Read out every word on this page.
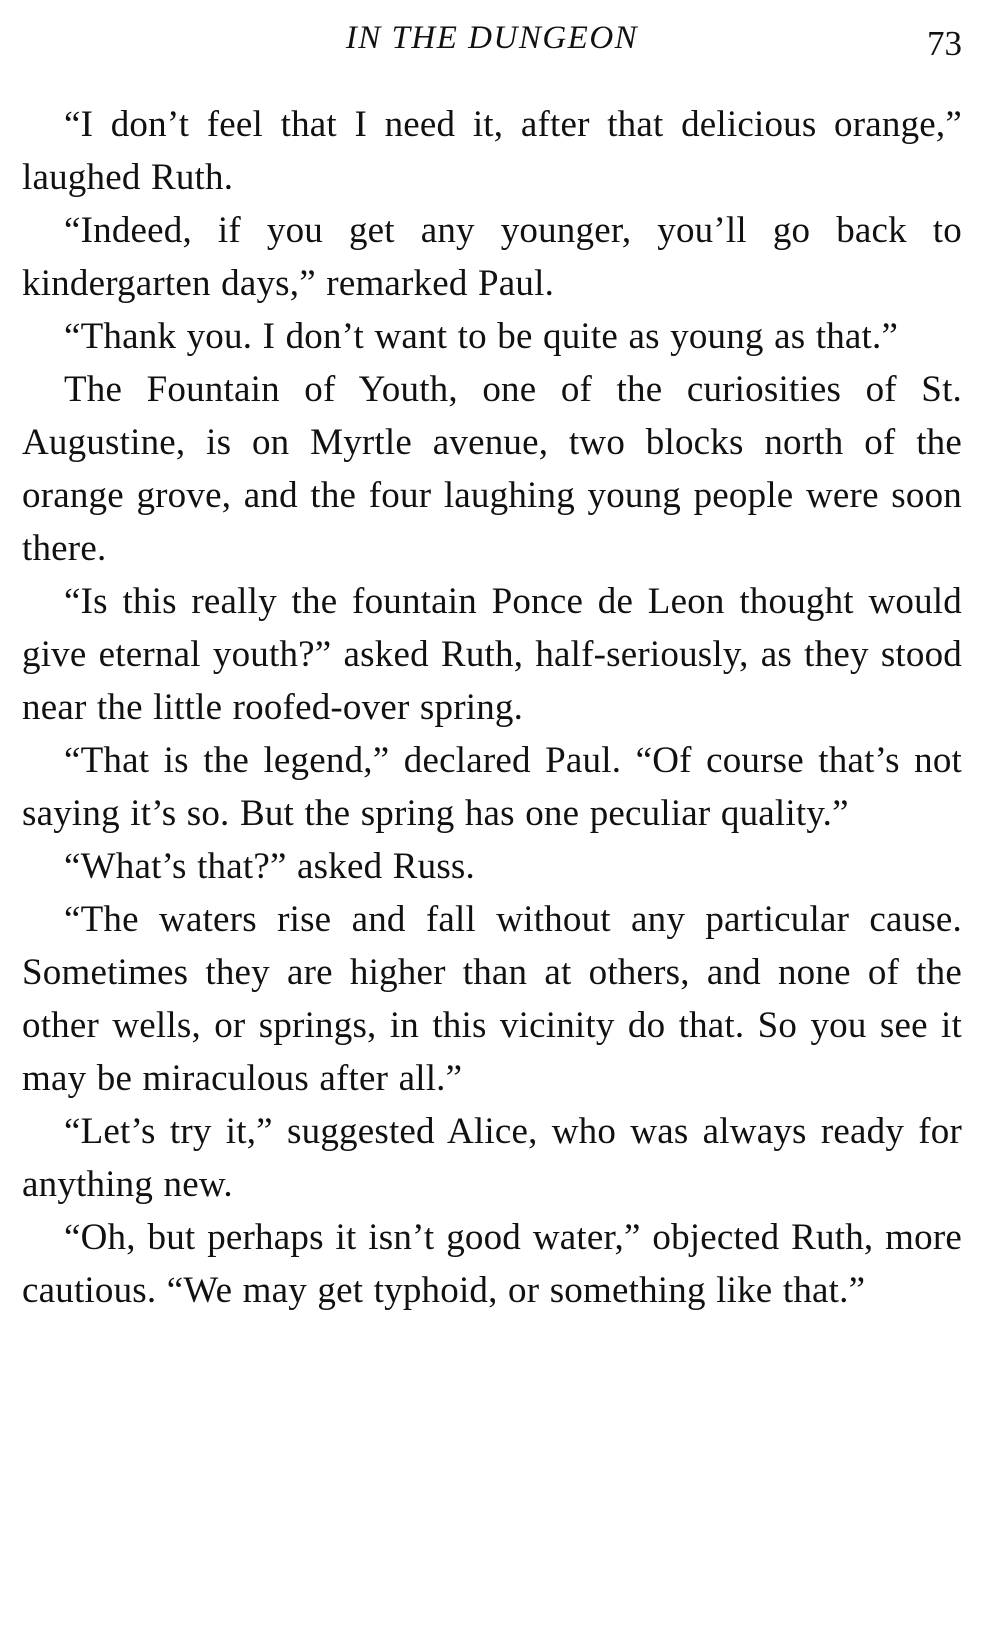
IN THE DUNGEON	73

“I don’t feel that I need it, after that delicious orange,” laughed Ruth.

“Indeed, if you get any younger, you’ll go back to kindergarten days,” remarked Paul.

“Thank you. I don’t want to be quite as young as that.”

The Fountain of Youth, one of the curiosities of St. Augustine, is on Myrtle avenue, two blocks north of the orange grove, and the four laughing young people were soon there.

“Is this really the fountain Ponce de Leon thought would give eternal youth?” asked Ruth, half-seriously, as they stood near the little roofed-over spring.

“That is the legend,” declared Paul. “Of course that’s not saying it’s so. But the spring has one peculiar quality.”

“What’s that?” asked Russ.

“The waters rise and fall without any particular cause. Sometimes they are higher than at others, and none of the other wells, or springs, in this vicinity do that. So you see it may be miraculous after all.”

“Let’s try it,” suggested Alice, who was always ready for anything new.

“Oh, but perhaps it isn’t good water,” objected Ruth, more cautious. “We may get typhoid, or something like that.”
